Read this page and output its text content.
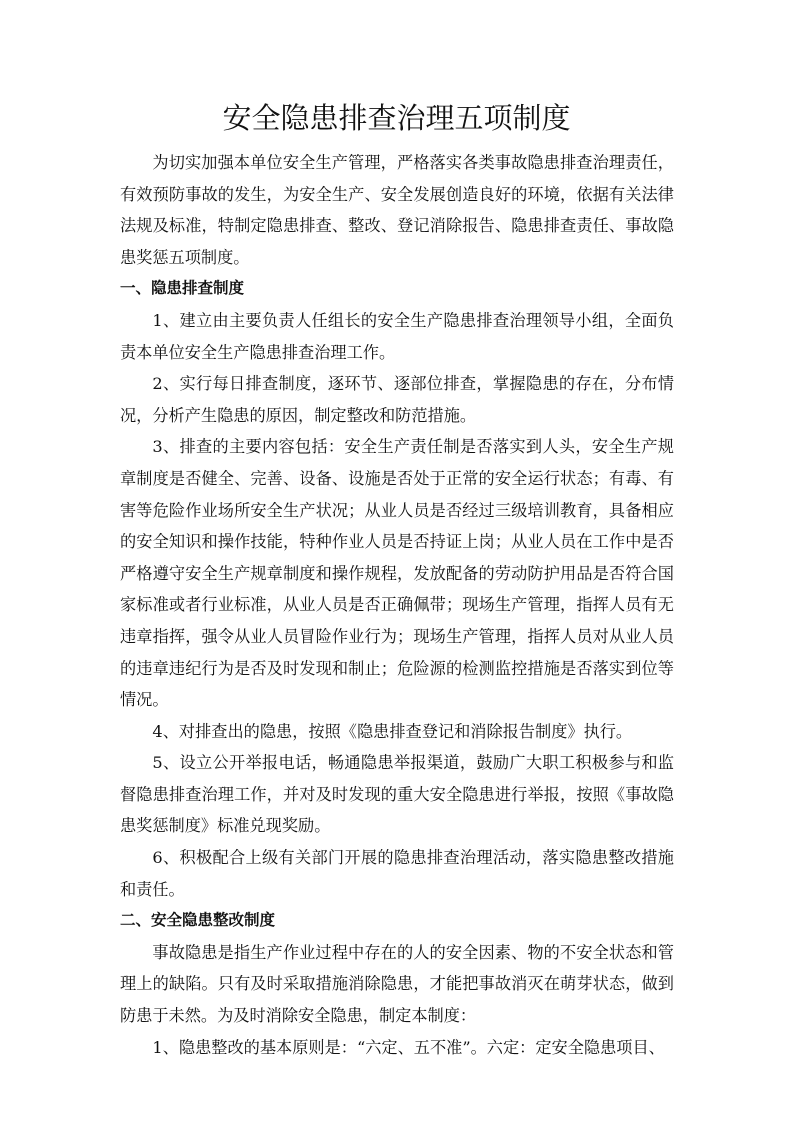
安全隐患排查治理五项制度

为切实加强本单位安全生产管理，严格落实各类事故隐患排查治理责任，有效预防事故的发生，为安全生产、安全发展创造良好的环境，依据有关法律法规及标准，特制定隐患排查、整改、登记消除报告、隐患排查责任、事故隐患奖惩五项制度。

一、隐患排查制度

1、建立由主要负责人任组长的安全生产隐患排查治理领导小组，全面负责本单位安全生产隐患排查治理工作。

2、实行每日排查制度，逐环节、逐部位排查，掌握隐患的存在，分布情况，分析产生隐患的原因，制定整改和防范措施。

3、排查的主要内容包括：安全生产责任制是否落实到人头，安全生产规章制度是否健全、完善、设备、设施是否处于正常的安全运行状态；有毒、有害等危险作业场所安全生产状况；从业人员是否经过三级培训教育，具备相应的安全知识和操作技能，特种作业人员是否持证上岗；从业人员在工作中是否严格遵守安全生产规章制度和操作规程，发放配备的劳动防护用品是否符合国家标准或者行业标准，从业人员是否正确佩带；现场生产管理，指挥人员有无违章指挥，强令从业人员冒险作业行为；现场生产管理，指挥人员对从业人员的违章违纪行为是否及时发现和制止；危险源的检测监控措施是否落实到位等情况。

4、对排查出的隐患，按照《隐患排查登记和消除报告制度》执行。

5、设立公开举报电话，畅通隐患举报渠道，鼓励广大职工积极参与和监督隐患排查治理工作，并对及时发现的重大安全隐患进行举报，按照《事故隐患奖惩制度》标准兑现奖励。

6、积极配合上级有关部门开展的隐患排查治理活动，落实隐患整改措施和责任。

二、安全隐患整改制度

事故隐患是指生产作业过程中存在的人的安全因素、物的不安全状态和管理上的缺陷。只有及时采取措施消除隐患，才能把事故消灭在萌芽状态，做到防患于未然。为及时消除安全隐患，制定本制度：

1、隐患整改的基本原则是：“六定、五不准”。六定：定安全隐患项目、
